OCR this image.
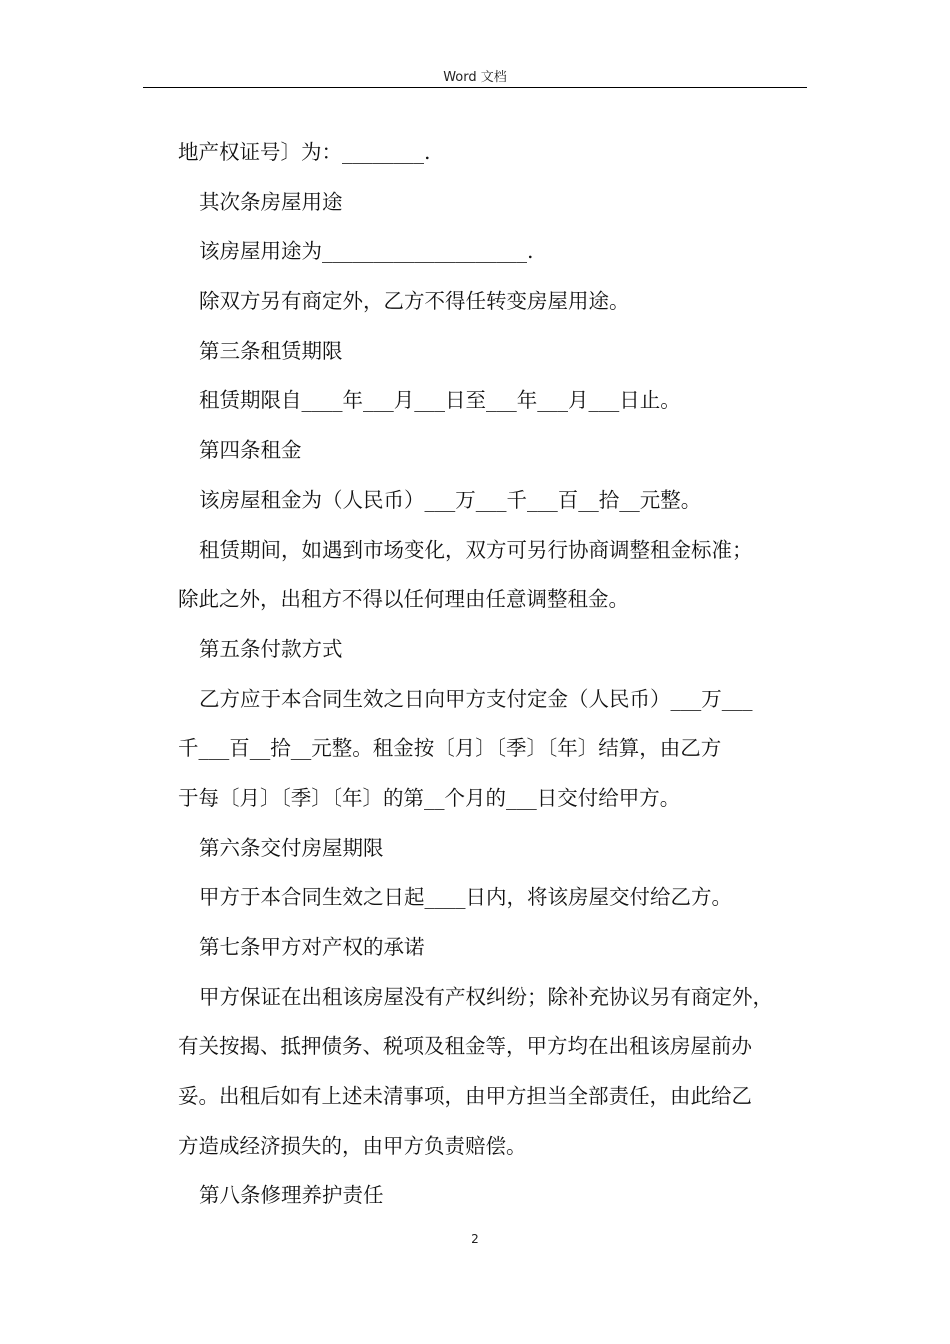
Word 文档
地产权证号〕为：________.
其次条房屋用途
该房屋用途为____________________.
除双方另有商定外，乙方不得任转变房屋用途。
第三条租赁期限
租赁期限自____年___月___日至___年___月___日止。
第四条租金
该房屋租金为（人民币）___万___千___百__拾__元整。
租赁期间，如遇到市场变化，双方可另行协商调整租金标准；
除此之外，出租方不得以任何理由任意调整租金。
第五条付款方式
乙方应于本合同生效之日向甲方支付定金（人民币）___万___
千___百__拾__元整。租金按〔月〕〔季〕〔年〕结算，由乙方
于每〔月〕〔季〕〔年〕的第__个月的___日交付给甲方。
第六条交付房屋期限
甲方于本合同生效之日起____日内，将该房屋交付给乙方。
第七条甲方对产权的承诺
甲方保证在出租该房屋没有产权纠纷；除补充协议另有商定外，
有关按揭、抵押债务、税项及租金等，甲方均在出租该房屋前办
妥。出租后如有上述未清事项，由甲方担当全部责任，由此给乙
方造成经济损失的，由甲方负责赔偿。
第八条修理养护责任
2
